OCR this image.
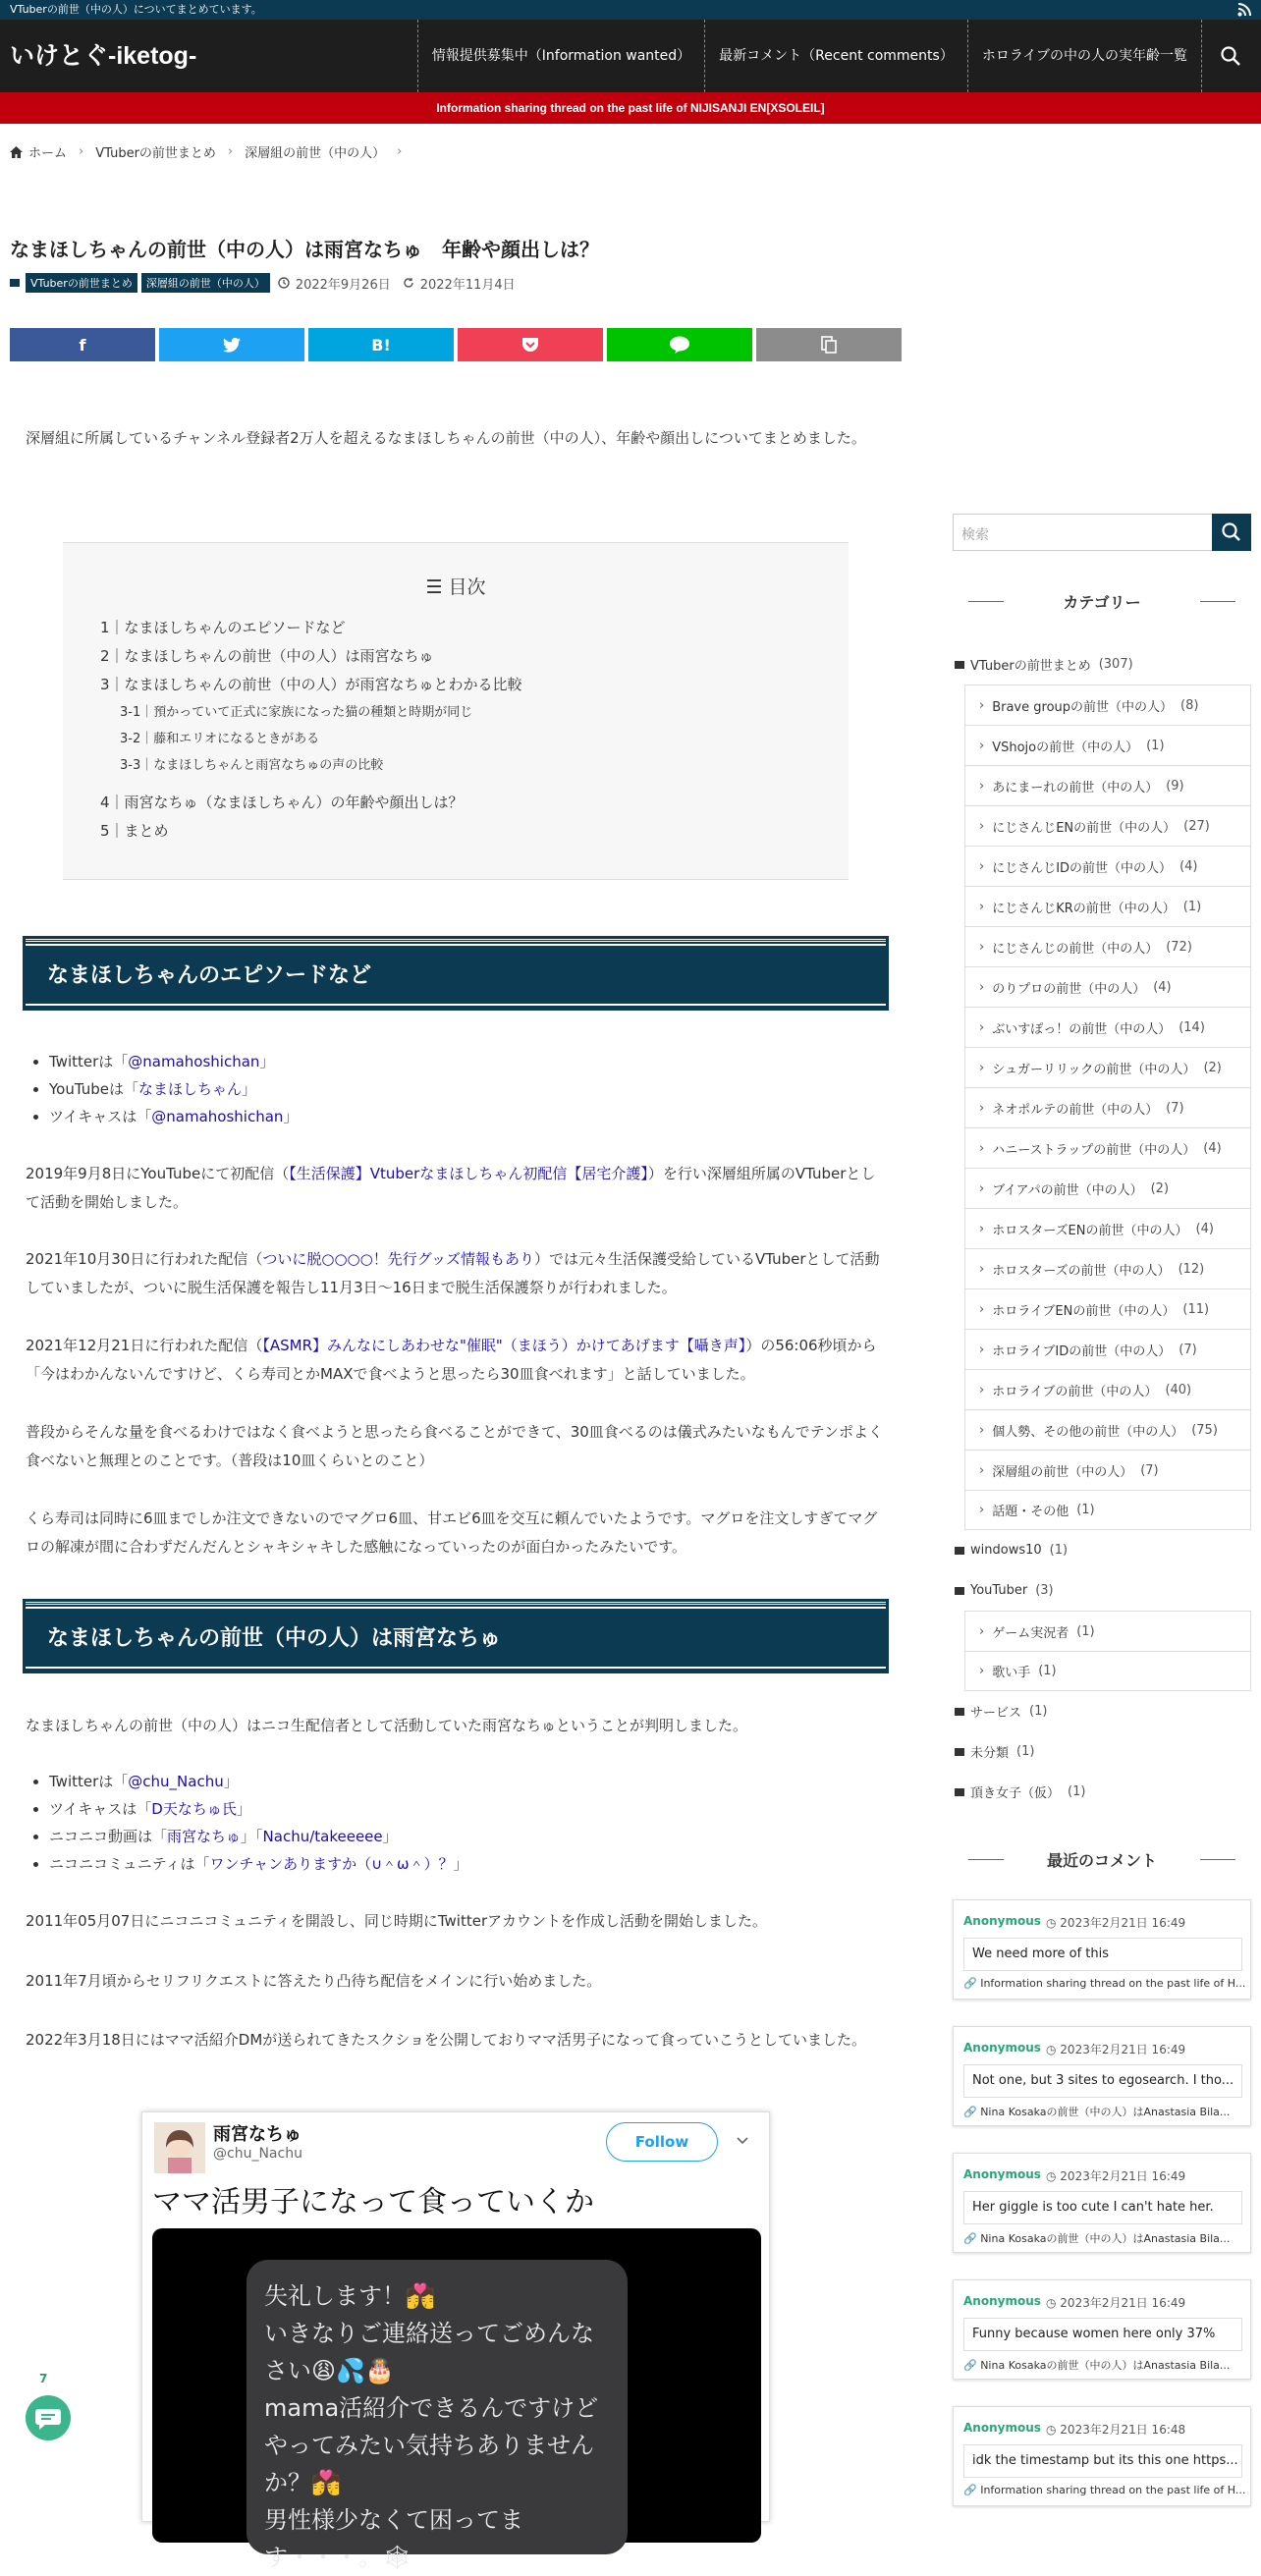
VTuberの前世（中の人）についてまとめています。
いけとぐ-iketog-	情報提供募集中（Information wanted）	最新コメント（Recent comments）	ホロライブの中の人の実年齢一覧
Information sharing thread on the past life of NIJISANJI EN[XSOLEIL]
ホーム › VTuberの前世まとめ › 深層組の前世（中の人） ›
なまほしちゃんの前世（中の人）は雨宮なちゅ　年齢や顔出しは？
VTuberの前世まとめ	深層組の前世（中の人）	2022年9月26日 2022年11月4日
f	B!

深層組に所属しているチャンネル登録者2万人を超えるなまほしちゃんの前世（中の人）、年齢や顔出しについてまとめました。

☰ 目次
1｜なまほしちゃんのエピソードなど
2｜なまほしちゃんの前世（中の人）は雨宮なちゅ
3｜なまほしちゃんの前世（中の人）が雨宮なちゅとわかる比較
3-1｜預かっていて正式に家族になった猫の種類と時期が同じ
3-2｜藤和エリオになるときがある
3-3｜なまほしちゃんと雨宮なちゅの声の比較
4｜雨宮なちゅ（なまほしちゃん）の年齢や顔出しは？
5｜まとめ
なまほしちゃんのエピソードなど
• Twitterは「@namahoshichan」
• YouTubeは「なまほしちゃん」
• ツイキャスは「@namahoshichan」

2019年9月8日にYouTubeにて初配信（【生活保護】Vtuberなまほしちゃん初配信【居宅介護】）を行い深層組所属のVTuberとして活動を開始しました。

2021年10月30日に行われた配信（ついに脱○○○○！先行グッズ情報もあり）では元々生活保護受給しているVTuberとして活動していましたが、ついに脱生活保護を報告し11月3日～16日まで脱生活保護祭りが行われました。

2021年12月21日に行われた配信（【ASMR】みんなにしあわせな"催眠"（まほう）かけてあげます【囁き声】）の56:06秒頃から「今はわかんないんですけど、くら寿司とかMAXで食べようと思ったら30皿食べれます」と話していました。

普段からそんな量を食べるわけではなく食べようと思ったら食べることができて、30皿食べるのは儀式みたいなもんでテンポよく食べないと無理とのことです。（普段は10皿くらいとのこと）

くら寿司は同時に6皿までしか注文できないのでマグロ6皿、甘エビ6皿を交互に頼んでいたようです。マグロを注文しすぎてマグロの解凍が間に合わずだんだんとシャキシャキした感触になっていったのが面白かったみたいです。

なまほしちゃんの前世（中の人）は雨宮なちゅ

なまほしちゃんの前世（中の人）はニコ生配信者として活動していた雨宮なちゅということが判明しました。

• Twitterは「@chu_Nachu」
• ツイキャスは「D天なちゅ氏」
• ニコニコ動画は「雨宮なちゅ」「Nachu/takeeeee」
• ニコニコミュニティは「ワンチャンありますか（∪＾ω＾）？」

2011年05月07日にニコニコミュニティを開設し、同じ時期にTwitterアカウントを作成し活動を開始しました。

2011年7月頃からセリフリクエストに答えたり凸待ち配信をメインに行い始めました。

2022年3月18日にはママ活紹介DMが送られてきたスクショを公開しておりママ活男子になって食っていこうとしていました。

雨宮なちゅ
@chu_Nachu
Follow
ママ活男子になって食っていくか
失礼します！💏
いきなりご連絡送ってごめんなさい😩💦🎂
mama活紹介できるんですけどやってみたい気持ちありませんか？💏
男性様少なくて困ってます・・・。🕸
検索
カテゴリー
VTuberの前世まとめ (307)
› Brave groupの前世（中の人） (8)
› VShojoの前世（中の人） (1)
› あにまーれの前世（中の人） (9)
› にじさんじENの前世（中の人） (27)
› にじさんじIDの前世（中の人） (4)
› にじさんじKRの前世（中の人） (1)
› にじさんじの前世（中の人） (72)
› のりプロの前世（中の人） (4)
› ぶいすぽっ！の前世（中の人） (14)
› シュガーリリックの前世（中の人） (2)
› ネオポルテの前世（中の人） (7)
› ハニーストラップの前世（中の人） (4)
› ブイアパの前世（中の人） (2)
› ホロスターズENの前世（中の人） (4)
› ホロスターズの前世（中の人） (12)
› ホロライブENの前世（中の人） (11)
› ホロライブIDの前世（中の人） (7)
› ホロライブの前世（中の人） (40)
› 個人勢、その他の前世（中の人） (75)
› 深層組の前世（中の人） (7)
› 話題・その他 (1)
windows10 (1)
YouTuber (3)
› ゲーム実況者 (1)
› 歌い手 (1)
サービス (1)
未分類 (1)
頂き女子（仮） (1)
最近のコメント
Anonymous ◷ 2023年2月21日 16:49
We need more of this
🔗 Information sharing thread on the past life of H...
Anonymous ◷ 2023年2月21日 16:49
Not one, but 3 sites to egosearch. I tho...
🔗 Nina Kosakaの前世（中の人）はAnastasia Bila...
Anonymous ◷ 2023年2月21日 16:49
Her giggle is too cute I can't hate her.
🔗 Nina Kosakaの前世（中の人）はAnastasia Bila...
Anonymous ◷ 2023年2月21日 16:49
Funny because women here only 37%
🔗 Nina Kosakaの前世（中の人）はAnastasia Bila...
Anonymous ◷ 2023年2月21日 16:48
idk the timestamp but its this one https...
🔗 Information sharing thread on the past life of H...
7
